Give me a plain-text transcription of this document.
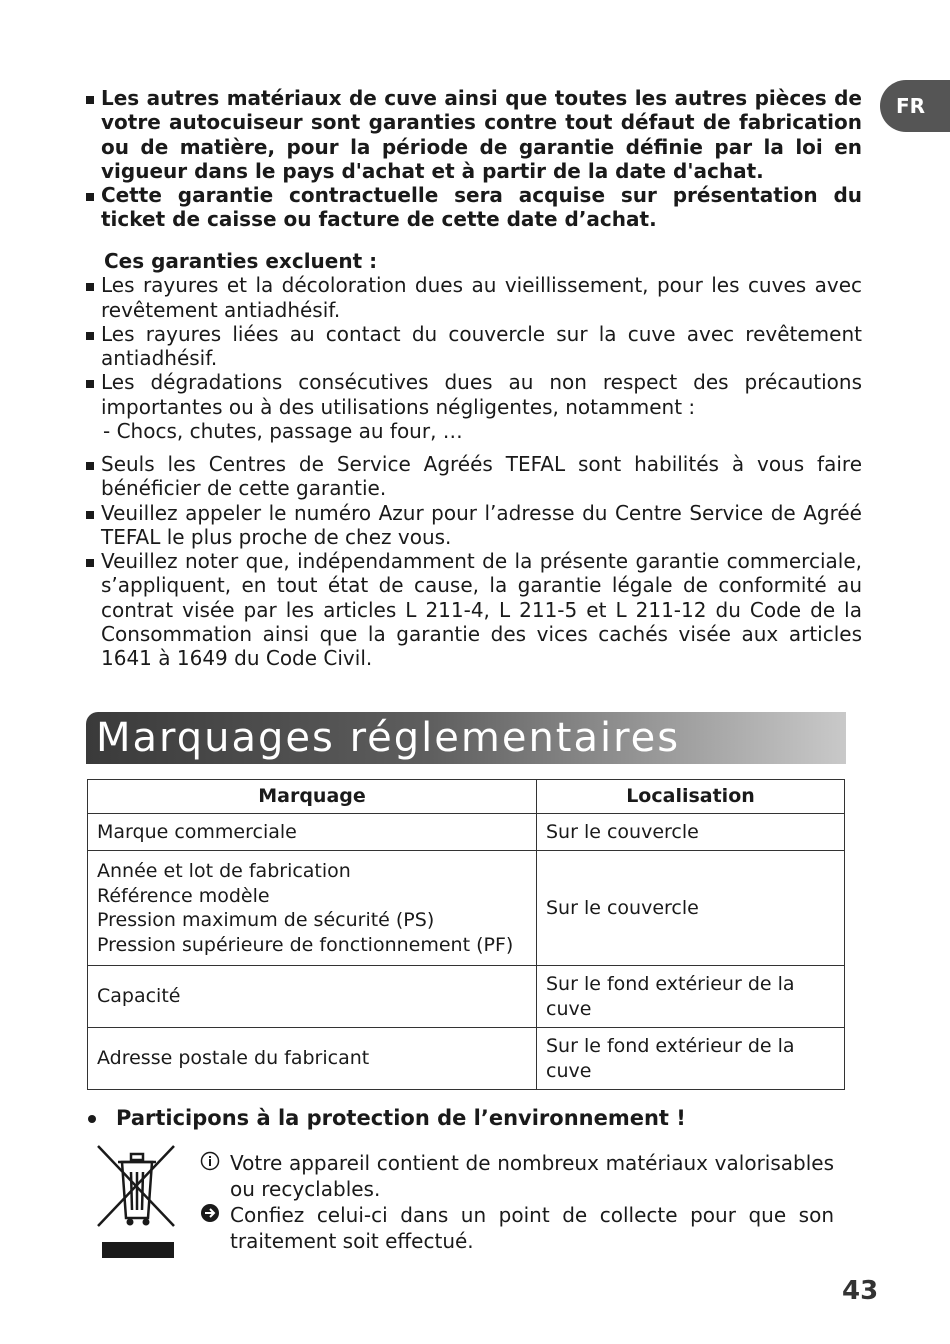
FR
Les autres matériaux de cuve ainsi que toutes les autres pièces de votre autocuiseur sont garanties contre tout défaut de fabrication ou de matière, pour la période de garantie définie par la loi en vigueur dans le pays d'achat et à partir de la date d'achat.
Cette garantie contractuelle sera acquise sur présentation du ticket de caisse ou facture de cette date d’achat.
Ces garanties excluent :
Les rayures et la décoloration dues au vieillissement, pour les cuves avec revêtement antiadhésif.
Les rayures liées au contact du couvercle sur la cuve avec revêtement antiadhésif.
Les dégradations consécutives dues au non respect des précautions importantes ou à des utilisations négligentes, notamment :
- Chocs, chutes, passage au four, …
Seuls les Centres de Service Agréés TEFAL sont habilités à vous faire bénéficier de cette garantie.
Veuillez appeler le numéro Azur pour l’adresse du Centre Service de Agréé TEFAL le plus proche de chez vous.
Veuillez noter que, indépendamment de la présente garantie commerciale, s’appliquent, en tout état de cause, la garantie légale de conformité au contrat visée par les articles L 211-4, L 211-5 et L 211-12 du Code de la Consommation ainsi que la garantie des vices cachés visée aux articles 1641 à 1649 du Code Civil.
Marquages réglementaires
Marquage	Localisation

Marque commerciale	Sur le couvercle

Année et lot de fabrication
Référence modèle
Pression maximum de sécurité (PS)
Pression supérieure de fonctionnement (PF)	Sur le couvercle

Capacité	Sur le fond extérieur de la cuve

Adresse postale du fabricant	Sur le fond extérieur de la cuve
Participons à la protection de l’environnement !
Votre appareil contient de nombreux matériaux valorisables ou recyclables.
Confiez celui-ci dans un point de collecte pour que son traitement soit effectué.
43
